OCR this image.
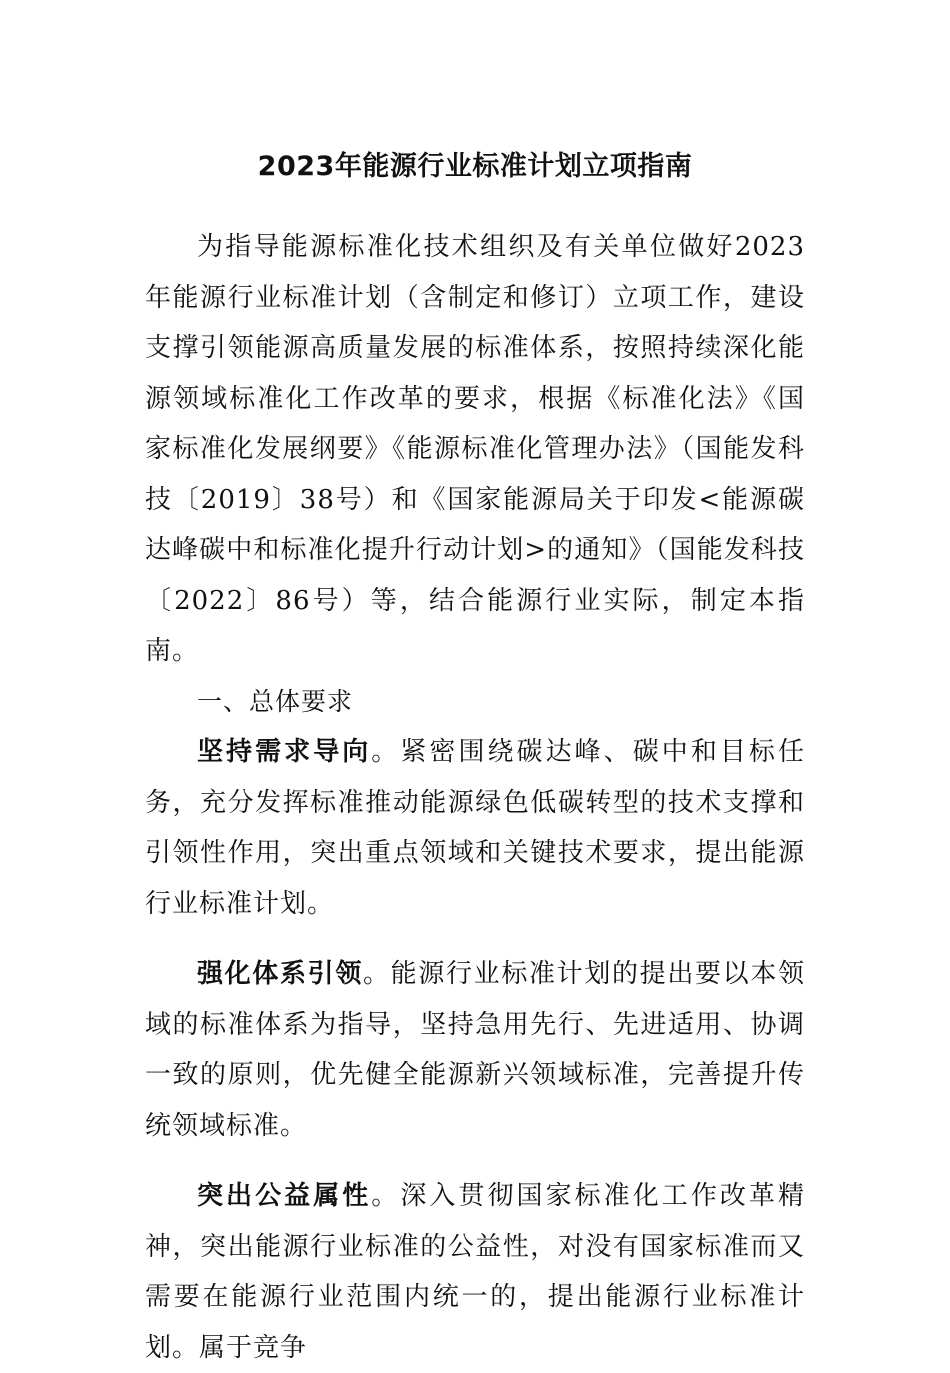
2023年能源行业标准计划立项指南

为指导能源标准化技术组织及有关单位做好2023年能源行业标准计划（含制定和修订）立项工作，建设支撑引领能源高质量发展的标准体系，按照持续深化能源领域标准化工作改革的要求，根据《标准化法》《国家标准化发展纲要》《能源标准化管理办法》（国能发科技〔2019〕38号）和《国家能源局关于印发<能源碳达峰碳中和标准化提升行动计划>的通知》（国能发科技〔2022〕86号）等，结合能源行业实际，制定本指南。

一、总体要求

坚持需求导向。紧密围绕碳达峰、碳中和目标任务，充分发挥标准推动能源绿色低碳转型的技术支撑和引领性作用，突出重点领域和关键技术要求，提出能源行业标准计划。

强化体系引领。能源行业标准计划的提出要以本领域的标准体系为指导，坚持急用先行、先进适用、协调一致的原则，优先健全能源新兴领域标准，完善提升传统领域标准。

突出公益属性。深入贯彻国家标准化工作改革精神，突出能源行业标准的公益性，对没有国家标准而又需要在能源行业范围内统一的，提出能源行业标准计划。属于竞争
